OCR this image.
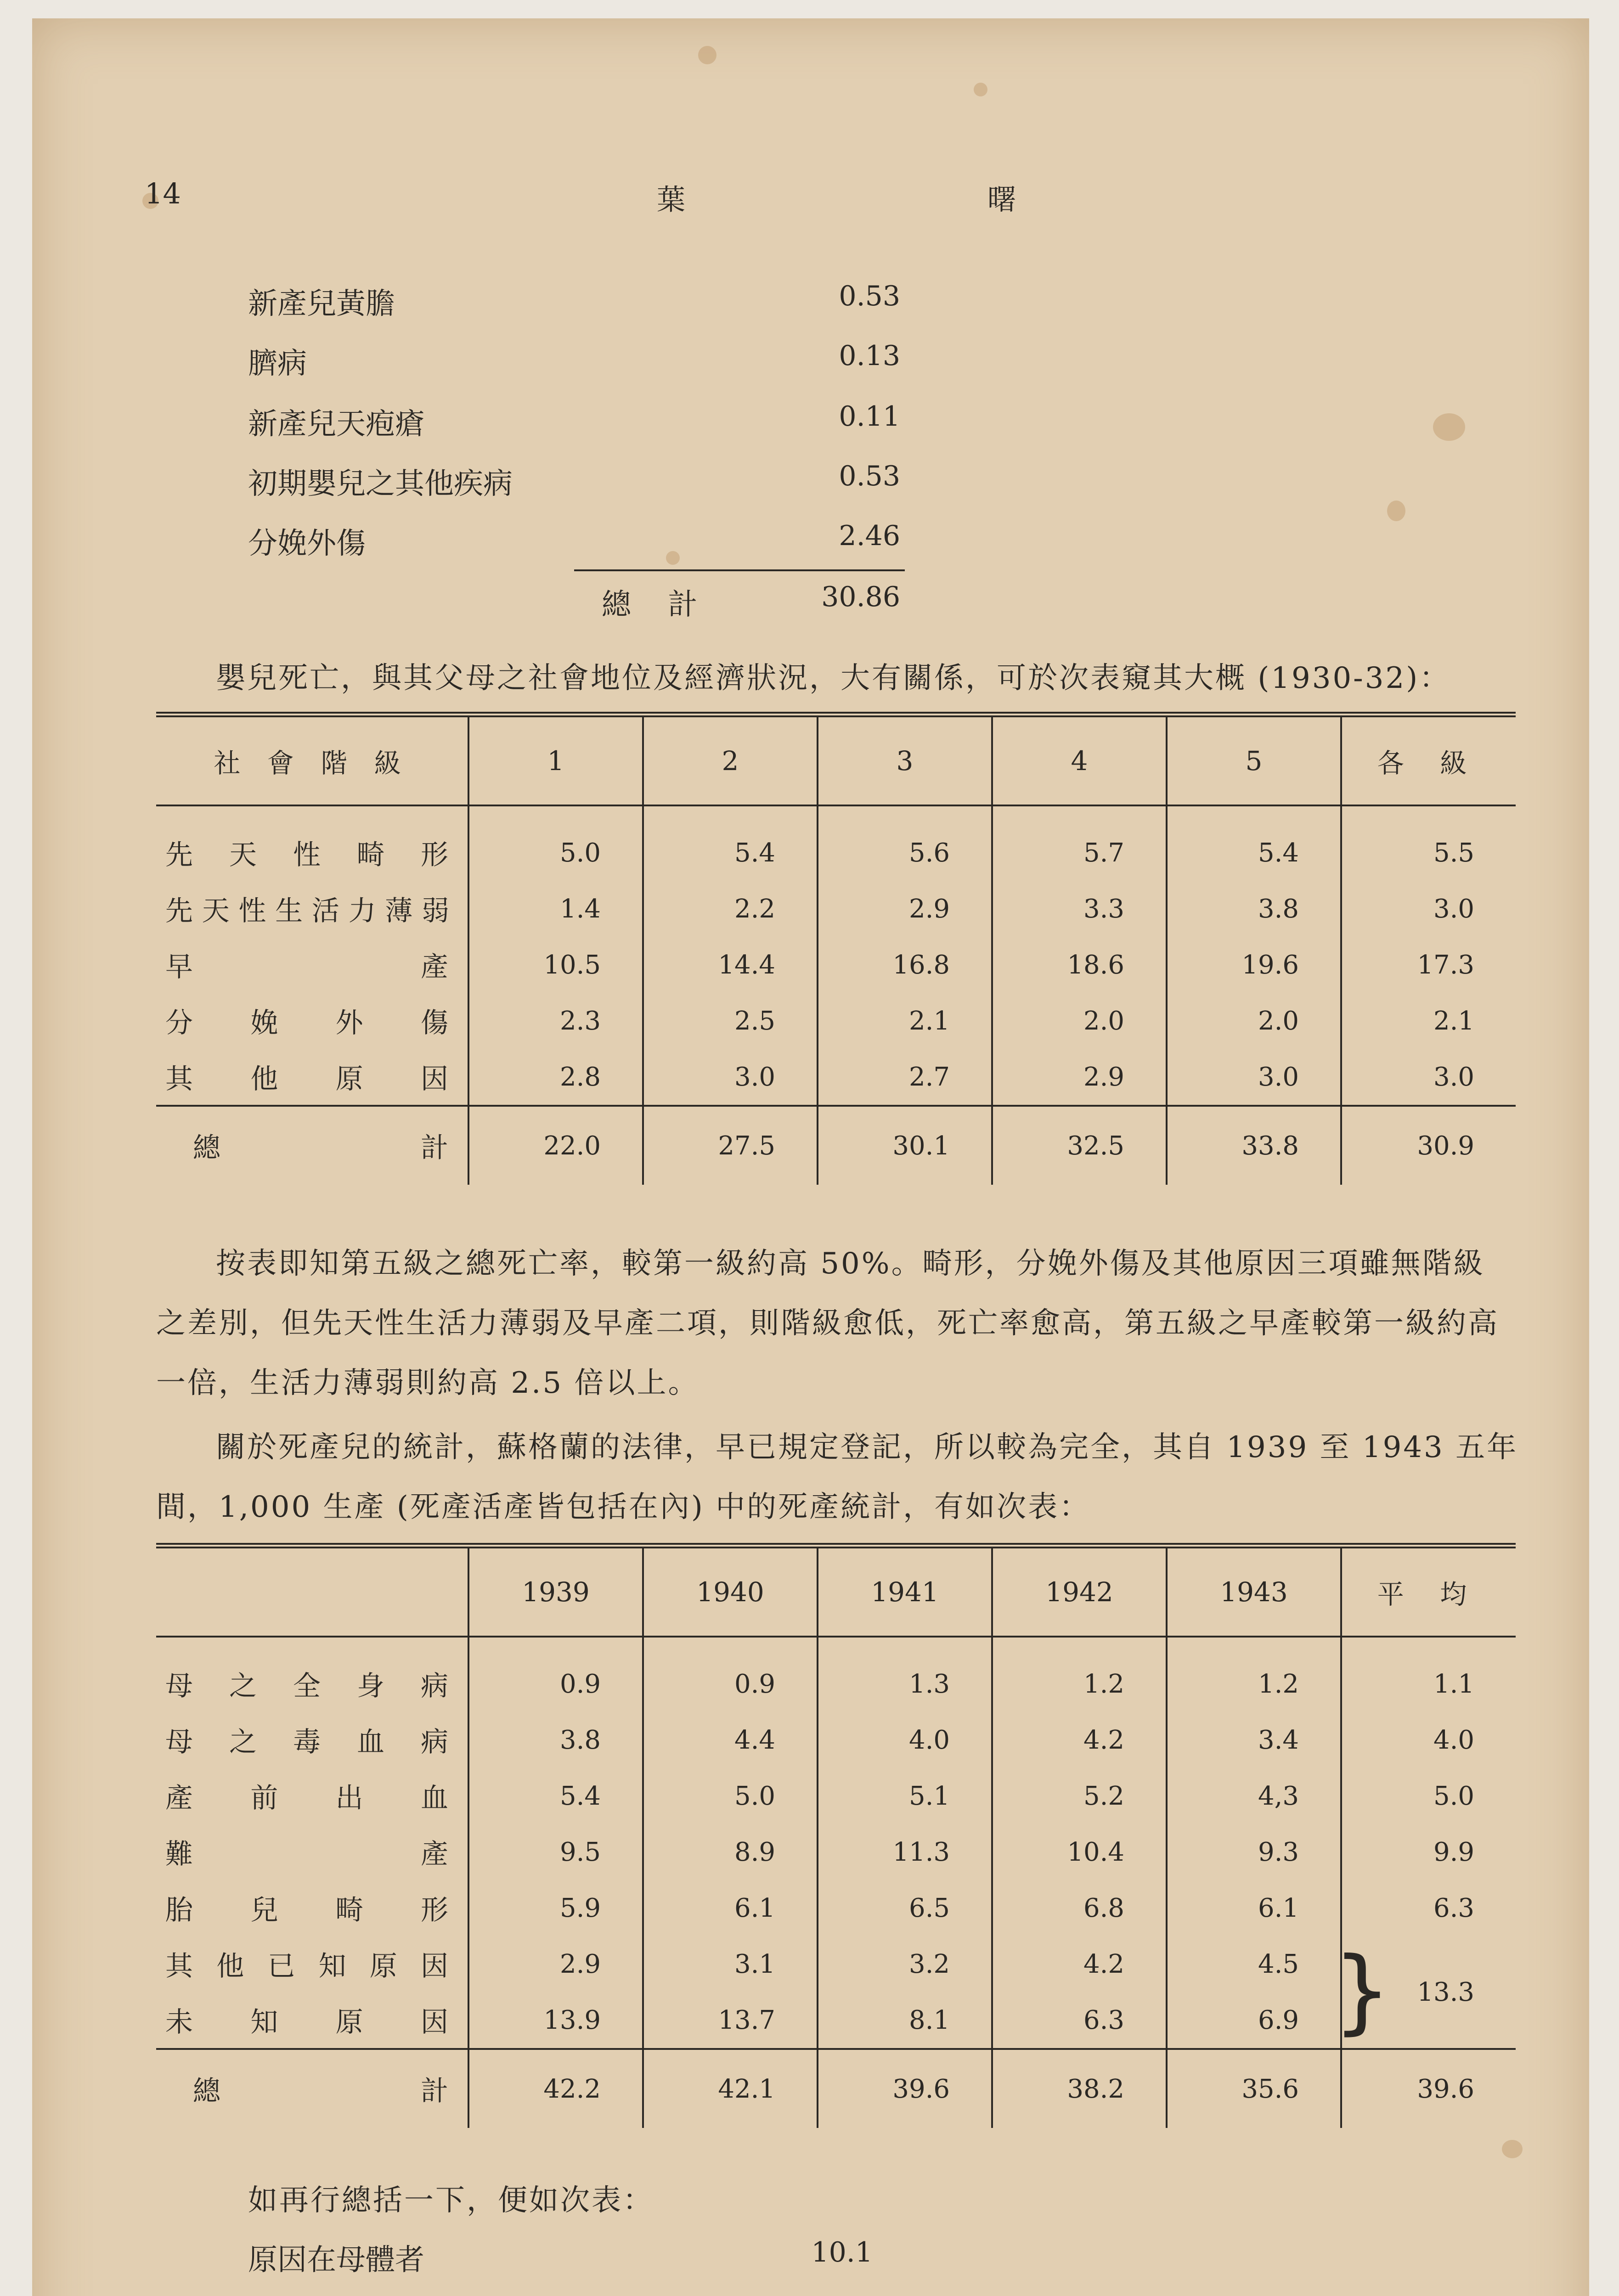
14	葉	曙
新產兒黃膽	0.53
臍病	0.13
新產兒天疱瘡	0.11
初期嬰兒之其他疾病	0.53
分娩外傷	2.46
總 計	30.86
嬰兒死亡，與其父母之社會地位及經濟狀況，大有關係，可於次表窺其大概 (1930-32)：
社 會 階 級	1	2	3	4	5	各 級
先天性畸形	5.0	5.4	5.6	5.7	5.4	5.5
先天性生活力薄弱	1.4	2.2	2.9	3.3	3.8	3.0
早產	10.5	14.4	16.8	18.6	19.6	17.3
分娩外傷	2.3	2.5	2.1	2.0	2.0	2.1
其他原因	2.8	3.0	2.7	2.9	3.0	3.0
總 計	22.0	27.5	30.1	32.5	33.8	30.9
按表即知第五級之總死亡率，較第一級約高 50%。畸形，分娩外傷及其他原因三項雖無階級
之差別，但先天性生活力薄弱及早產二項，則階級愈低，死亡率愈高，第五級之早產較第一級約高
一倍，生活力薄弱則約高 2.5 倍以上。
關於死產兒的統計，蘇格蘭的法律，早已規定登記，所以較為完全，其自 1939 至 1943 五年
間，1,000 生產 (死產活產皆包括在內) 中的死產統計，有如次表：
	1939	1940	1941	1942	1943	平 均
母之全身病	0.9	0.9	1.3	1.2	1.2	1.1
母之毒血病	3.8	4.4	4.0	4.2	3.4	4.0
產前出血	5.4	5.0	5.1	5.2	4,3	5.0
難產	9.5	8.9	11.3	10.4	9.3	9.9
胎兒畸形	5.9	6.1	6.5	6.8	6.1	6.3
其他已知原因	2.9	3.1	3.2	4.2	4.5	} 13.3
未知原因	13.9	13.7	8.1	6.3	6.9	
總 計	42.2	42.1	39.6	38.2	35.6	39.6
如再行總括一下，便如次表：
原因在母體者	10.1
